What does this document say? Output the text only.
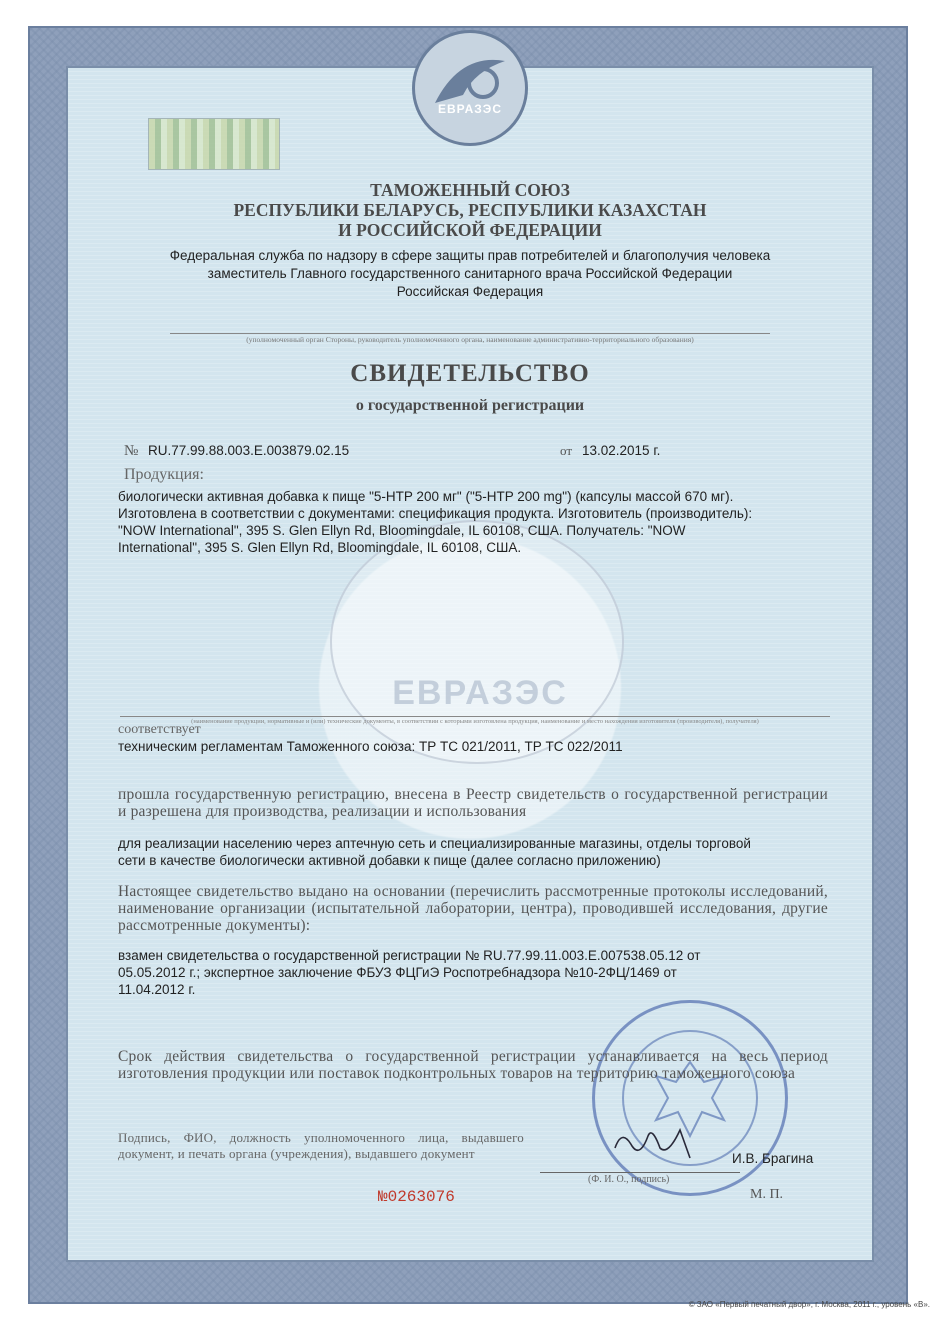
ЕВРАЗЭС
ЕВРАЗЭС
ТАМОЖЕННЫЙ СОЮЗ
РЕСПУБЛИКИ БЕЛАРУСЬ, РЕСПУБЛИКИ КАЗАХСТАН
И РОССИЙСКОЙ ФЕДЕРАЦИИ
Федеральная служба по надзору в сфере защиты прав потребителей и благополучия человека
заместитель Главного государственного санитарного врача Российской Федерации
Российская Федерация
(уполномоченный орган Стороны, руководитель уполномоченного органа, наименование административно-территориального образования)
СВИДЕТЕЛЬСТВО
о государственной регистрации
№ RU.77.99.88.003.E.003879.02.15	от 13.02.2015 г.
Продукция:
биологически активная добавка к пище "5-HTP 200 мг" ("5-HTP 200 mg") (капсулы массой 670 мг).
Изготовлена в соответствии с документами: спецификация продукта. Изготовитель (производитель):
"NOW International", 395 S. Glen Ellyn Rd, Bloomingdale, IL 60108, США. Получатель: "NOW
International", 395 S. Glen Ellyn Rd, Bloomingdale, IL 60108, США.
(наименование продукции, нормативные и (или) технические документы, в соответствии с которыми изготовлена продукция, наименование и место нахождения изготовителя (производителя), получателя)
соответствует
техническим регламентам Таможенного союза: ТР ТС 021/2011, ТР ТС 022/2011
прошла государственную регистрацию, внесена в Реестр свидетельств о государственной регистрации и разрешена для производства, реализации и использования
для реализации населению через аптечную сеть и специализированные магазины, отделы торговой
сети в качестве биологически активной добавки к пище (далее согласно приложению)
Настоящее свидетельство выдано на основании (перечислить рассмотренные протоколы исследований, наименование организации (испытательной лаборатории, центра), проводившей исследования, другие рассмотренные документы):
взамен свидетельства о государственной регистрации № RU.77.99.11.003.E.007538.05.12 от
05.05.2012 г.; экспертное заключение ФБУЗ ФЦГиЭ Роспотребнадзора №10-2ФЦ/1469 от
11.04.2012 г.
Срок действия свидетельства о государственной регистрации устанавливается на весь период изготовления продукции или поставок подконтрольных товаров на территорию таможенного союза
Подпись, ФИО, должность уполномоченного лица, выдавшего документ, и печать органа (учреждения), выдавшего документ	И.В. Брагина
(Ф. И. О., подпись)
№0263076	М. П.
© ЗАО «Первый печатный двор», г. Москва, 2011 г., уровень «В».
